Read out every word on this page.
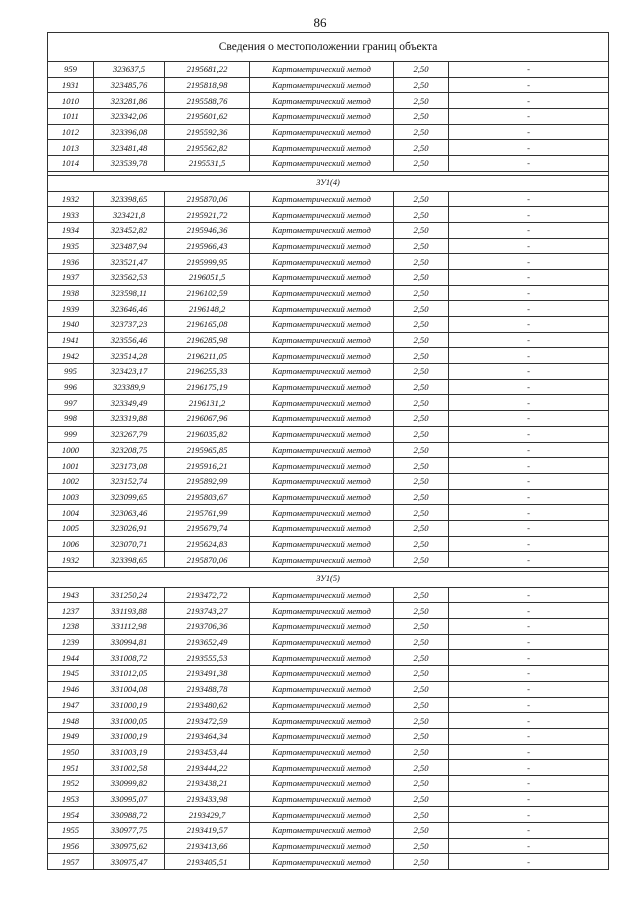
86
Сведения о местоположении границ объекта					
959	323637,5	2195681,22	Картометрический метод	2,50	-
1931	323485,76	2195818,98	Картометрический метод	2,50	-
1010	323281,86	2195588,76	Картометрический метод	2,50	-
1011	323342,06	2195601,62	Картометрический метод	2,50	-
1012	323396,08	2195592,36	Картометрический метод	2,50	-
1013	323481,48	2195562,82	Картометрический метод	2,50	-
1014	323539,78	2195531,5	Картометрический метод	2,50	-

ЗУ1(4)					
1932	323398,65	2195870,06	Картометрический метод	2,50	-
1933	323421,8	2195921,72	Картометрический метод	2,50	-
1934	323452,82	2195946,36	Картометрический метод	2,50	-
1935	323487,94	2195966,43	Картометрический метод	2,50	-
1936	323521,47	2195999,95	Картометрический метод	2,50	-
1937	323562,53	2196051,5	Картометрический метод	2,50	-
1938	323598,11	2196102,59	Картометрический метод	2,50	-
1939	323646,46	2196148,2	Картометрический метод	2,50	-
1940	323737,23	2196165,08	Картометрический метод	2,50	-
1941	323556,46	2196285,98	Картометрический метод	2,50	-
1942	323514,28	2196211,05	Картометрический метод	2,50	-
995	323423,17	2196255,33	Картометрический метод	2,50	-
996	323389,9	2196175,19	Картометрический метод	2,50	-
997	323349,49	2196131,2	Картометрический метод	2,50	-
998	323319,88	2196067,96	Картометрический метод	2,50	-
999	323267,79	2196035,82	Картометрический метод	2,50	-
1000	323208,75	2195965,85	Картометрический метод	2,50	-
1001	323173,08	2195916,21	Картометрический метод	2,50	-
1002	323152,74	2195892,99	Картометрический метод	2,50	-
1003	323099,65	2195803,67	Картометрический метод	2,50	-
1004	323063,46	2195761,99	Картометрический метод	2,50	-
1005	323026,91	2195679,74	Картометрический метод	2,50	-
1006	323070,71	2195624,83	Картометрический метод	2,50	-
1932	323398,65	2195870,06	Картометрический метод	2,50	-

ЗУ1(5)					
1943	331250,24	2193472,72	Картометрический метод	2,50	-
1237	331193,88	2193743,27	Картометрический метод	2,50	-
1238	331112,98	2193706,36	Картометрический метод	2,50	-
1239	330994,81	2193652,49	Картометрический метод	2,50	-
1944	331008,72	2193555,53	Картометрический метод	2,50	-
1945	331012,05	2193491,38	Картометрический метод	2,50	-
1946	331004,08	2193488,78	Картометрический метод	2,50	-
1947	331000,19	2193480,62	Картометрический метод	2,50	-
1948	331000,05	2193472,59	Картометрический метод	2,50	-
1949	331000,19	2193464,34	Картометрический метод	2,50	-
1950	331003,19	2193453,44	Картометрический метод	2,50	-
1951	331002,58	2193444,22	Картометрический метод	2,50	-
1952	330999,82	2193438,21	Картометрический метод	2,50	-
1953	330995,07	2193433,98	Картометрический метод	2,50	-
1954	330988,72	2193429,7	Картометрический метод	2,50	-
1955	330977,75	2193419,57	Картометрический метод	2,50	-
1956	330975,62	2193413,66	Картометрический метод	2,50	-
1957	330975,47	2193405,51	Картометрический метод	2,50	-
